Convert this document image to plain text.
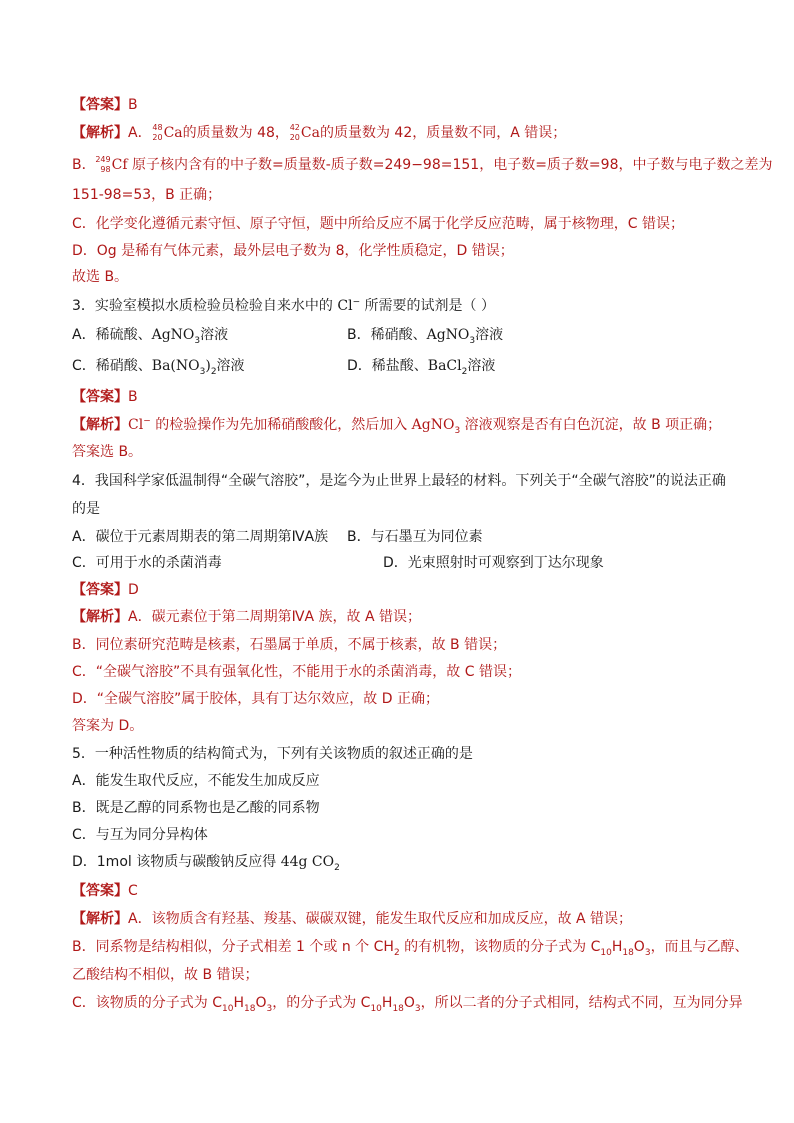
【答案】B
【解析】A． 48
20 Ca的质量数为 48， 42
20 Ca的质量数为 42，质量数不同，A 错误；
B． 249
98 Cf 原子核内含有的中子数=质量数-质子数=249−98=151，电子数=质子数=98，中子数与电子数之差为
151-98=53，B 正确；
C．化学变化遵循元素守恒、原子守恒，题中所给反应不属于化学反应范畴，属于核物理，C 错误；
D．Og 是稀有气体元素，最外层电子数为 8，化学性质稳定，D 错误；
故选 B。
3．实验室模拟水质检验员检验自来水中的 Cl− 所需要的试剂是（ ）
A．稀硫酸、AgNO$_3$溶液	B．稀硝酸、AgNO$_3$溶液
C．稀硝酸、$Ba(NO_3)_2$溶液	D．稀盐酸、BaCl$_2$溶液
【答案】B
【解析】Cl− 的检验操作为先加稀硝酸酸化，然后加入 AgNO$_3$ 溶液观察是否有白色沉淀，故 B 项正确；
答案选 B。
4．我国科学家低温制得“全碳气溶胶”，是迄今为止世界上最轻的材料。下列关于“全碳气溶胶”的说法正确
的是
A．碳位于元素周期表的第二周期第ⅣA族 B．与石墨互为同位素
C．可用于水的杀菌消毒	D．光束照射时可观察到丁达尔现象
【答案】D
【解析】A．碳元素位于第二周期第ⅣA 族，故 A 错误；
B．同位素研究范畴是核素，石墨属于单质，不属于核素，故 B 错误；
C．“全碳气溶胶”不具有强氧化性，不能用于水的杀菌消毒，故 C 错误；
D．“全碳气溶胶”属于胶体，具有丁达尔效应，故 D 正确；
答案为 D。
5．一种活性物质的结构简式为，下列有关该物质的叙述正确的是
A．能发生取代反应，不能发生加成反应
B．既是乙醇的同系物也是乙酸的同系物
C．与互为同分异构体
D．1mol 该物质与碳酸钠反应得 44g $CO_2$
【答案】C
【解析】A．该物质含有羟基、羧基、碳碳双键，能发生取代反应和加成反应，故 A 错误；
B．同系物是结构相似，分子式相差 1 个或 n 个 $CH_2$ 的有机物，该物质的分子式为 $C_{10}H_{18}O_3$，而且与乙醇、
乙酸结构不相似，故 B 错误；
C．该物质的分子式为 $C_{10}H_{18}O_3$，的分子式为 $C_{10}H_{18}O_3$，所以二者的分子式相同，结构式不同，互为同分异
